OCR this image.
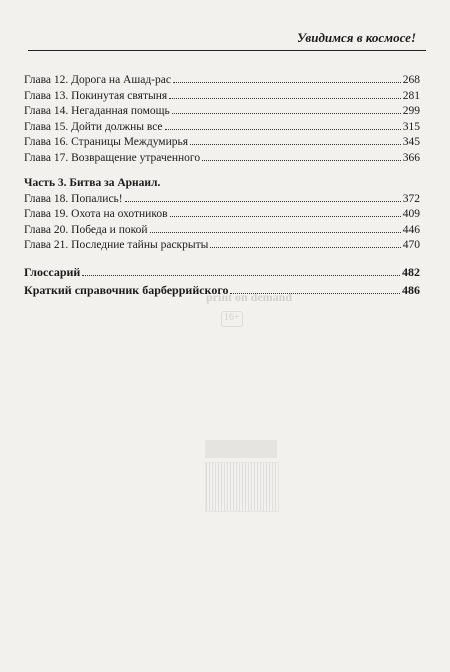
Увидимся в космосе!
print on demand
16+
Глава 12. Дорога на Ашад-рас	268
Глава 13. Покинутая святыня	281
Глава 14. Негаданная помощь	299
Глава 15. Дойти должны все	315
Глава 16. Страницы Междумирья	345
Глава 17. Возвращение утраченного	366
Часть 3. Битва за Арнаил.
Глава 18. Попались!	372
Глава 19. Охота на охотников	409
Глава 20. Победа и покой	446
Глава 21. Последние тайны раскрыты	470
Глоссарий	482
Краткий справочник барберрийского	486
